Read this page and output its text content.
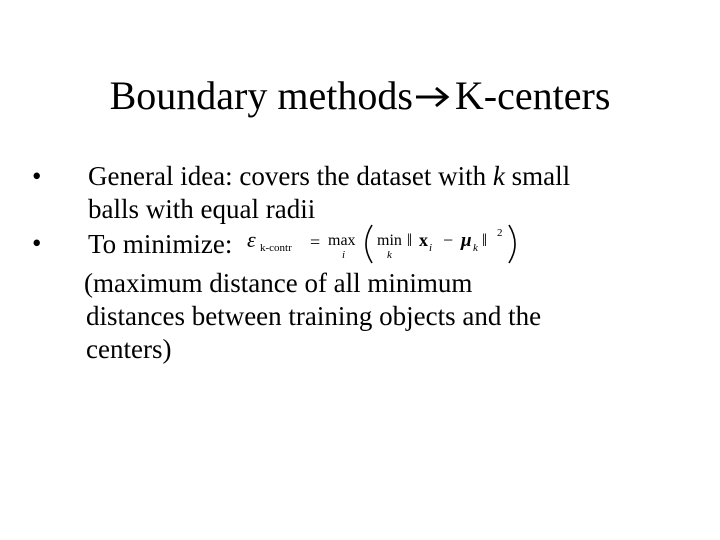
Boundary methods K-centers
• General idea: covers the dataset with k small
balls with equal radii
• To minimize: ε k-contr = max
i
min
k
‖ x i − μ k ‖ 2
(maximum distance of all minimum
distances between training objects and the
centers)
